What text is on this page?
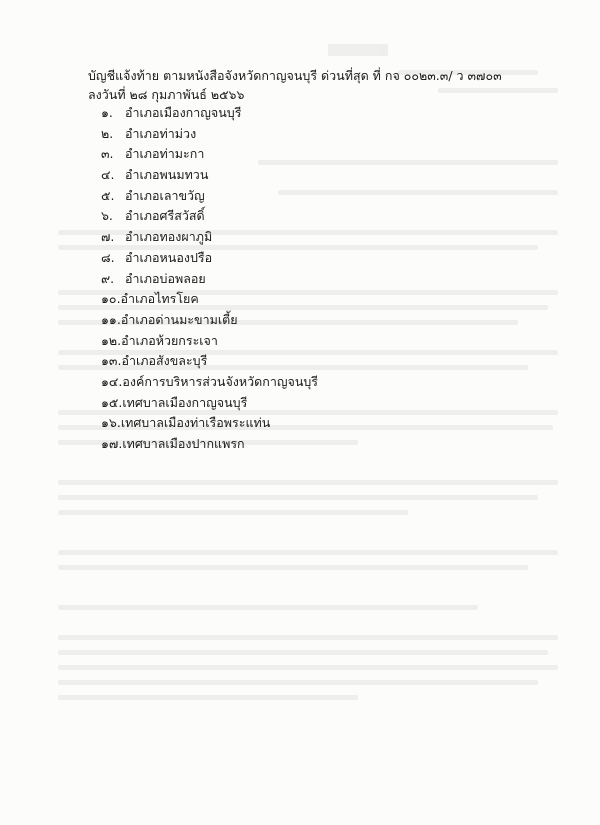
บัญชีแจ้งท้าย ตามหนังสือจังหวัดกาญจนบุรี ด่วนที่สุด ที่ กจ ๐๐๒๓.๓/ ว ๓๗๐๓
ลงวันที่ ๒๘ กุมภาพันธ์ ๒๕๖๖
๑. อำเภอเมืองกาญจนบุรี
๒. อำเภอท่าม่วง
๓. อำเภอท่ามะกา
๔. อำเภอพนมทวน
๕. อำเภอเลาขวัญ
๖. อำเภอศรีสวัสดิ์
๗. อำเภอทองผาภูมิ
๘. อำเภอหนองปรือ
๙. อำเภอบ่อพลอย
๑๐. อำเภอไทรโยค
๑๑. อำเภอด่านมะขามเตี้ย
๑๒. อำเภอห้วยกระเจา
๑๓. อำเภอสังขละบุรี
๑๔. องค์การบริหารส่วนจังหวัดกาญจนบุรี
๑๕. เทศบาลเมืองกาญจนบุรี
๑๖. เทศบาลเมืองท่าเรือพระแท่น
๑๗. เทศบาลเมืองปากแพรก
